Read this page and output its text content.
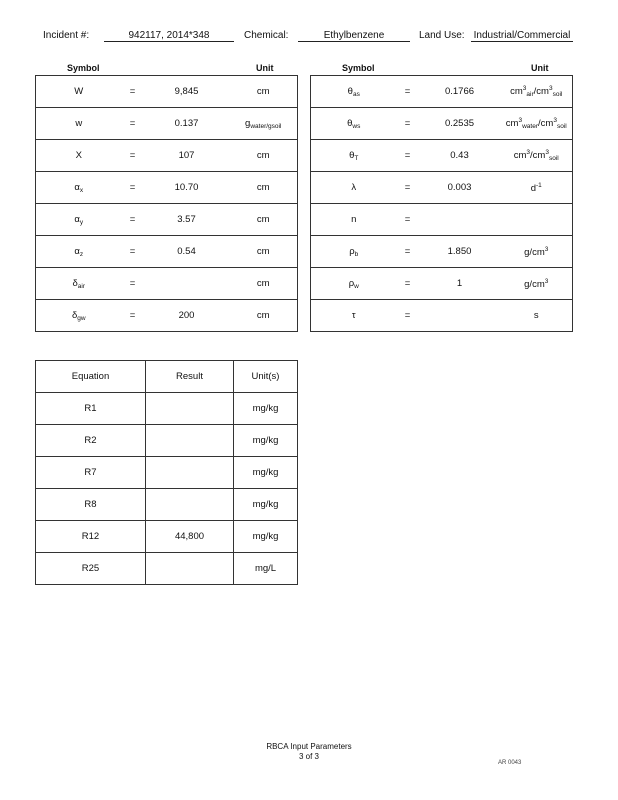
Incident #:	942117, 2014*348	Chemical:	Ethylbenzene	Land Use: Industrial/Commercial
Symbol	Unit	Symbol	Unit
W	=	9,845	cm
w	=	0.137	$g_{water/gsoil}$
X	=	107	cm
$\alpha_x$	=	10.70	cm
$\alpha_y$	=	3.57	cm
$\alpha_z$	=	0.54	cm
$\delta_{air}$	=		cm
$\delta_{gw}$	=	200	cm
$\theta_{as}$	=	0.1766	$cm^3_{air}/cm^3_{soil}$
$\theta_{ws}$	=	0.2535	$cm^3_{water}/cm^3_{soil}$
$\theta_T$	=	0.43	$cm^3/cm^3_{soil}$
λ	=	0.003	$d^{-1}$
n	=		
$\rho_b$	=	1.850	$g/cm^3$
$\rho_w$	=	1	$g/cm^3$
τ	=		s
Equation	Result	Unit(s)
R1		mg/kg
R2		mg/kg
R7		mg/kg
R8		mg/kg
R12	44,800	mg/kg
R25		mg/L
RBCA Input Parameters
3 of 3
AR 0043
